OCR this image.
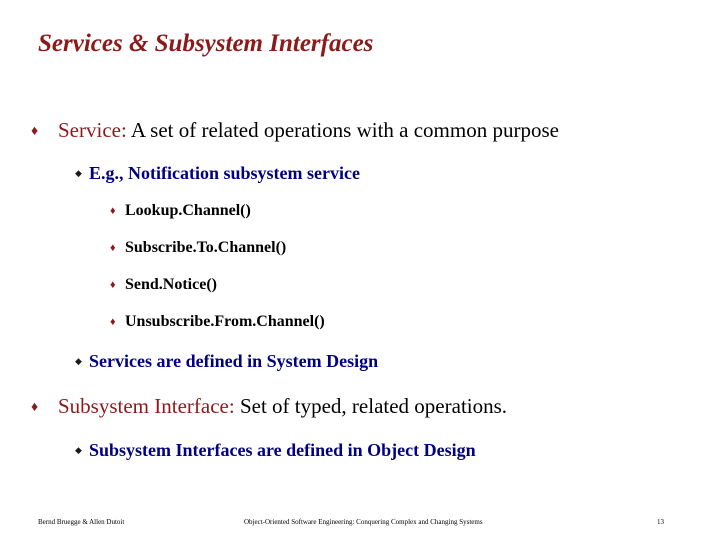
Services & Subsystem Interfaces
♦ Service: A set of related operations with a common purpose
◆ E.g., Notification subsystem service
♦ Lookup.Channel()
♦ Subscribe.To.Channel()
♦ Send.Notice()
♦ Unsubscribe.From.Channel()
◆ Services are defined in System Design
♦ Subsystem Interface: Set of typed, related operations.
◆ Subsystem Interfaces are defined in Object Design
Bernd Bruegge & Allen Dutoit	Object-Oriented Software Engineering: Conquering Complex and Changing Systems	13
